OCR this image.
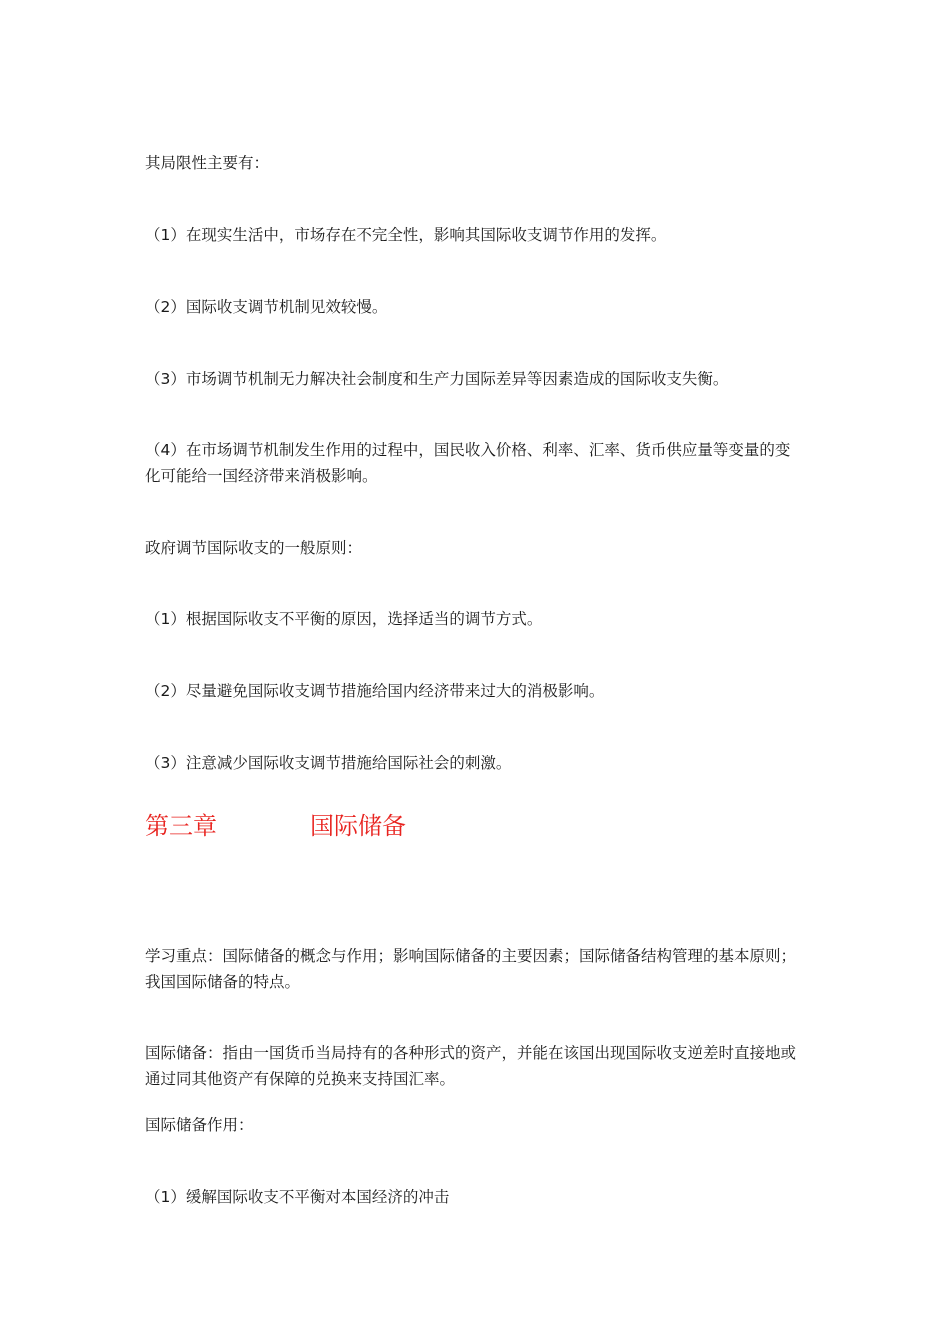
其局限性主要有：
（1）在现实生活中，市场存在不完全性，影响其国际收支调节作用的发挥。
（2）国际收支调节机制见效较慢。
（3）市场调节机制无力解决社会制度和生产力国际差异等因素造成的国际收支失衡。
（4）在市场调节机制发生作用的过程中，国民收入价格、利率、汇率、货币供应量等变量的变化可能给一国经济带来消极影响。
政府调节国际收支的一般原则：
（1）根据国际收支不平衡的原因，选择适当的调节方式。
（2）尽量避免国际收支调节措施给国内经济带来过大的消极影响。
（3）注意减少国际收支调节措施给国际社会的刺激。
第三章	国际储备
学习重点：国际储备的概念与作用；影响国际储备的主要因素；国际储备结构管理的基本原则；我国国际储备的特点。
国际储备：指由一国货币当局持有的各种形式的资产，并能在该国出现国际收支逆差时直接地或通过同其他资产有保障的兑换来支持国汇率。
国际储备作用：
（1）缓解国际收支不平衡对本国经济的冲击
